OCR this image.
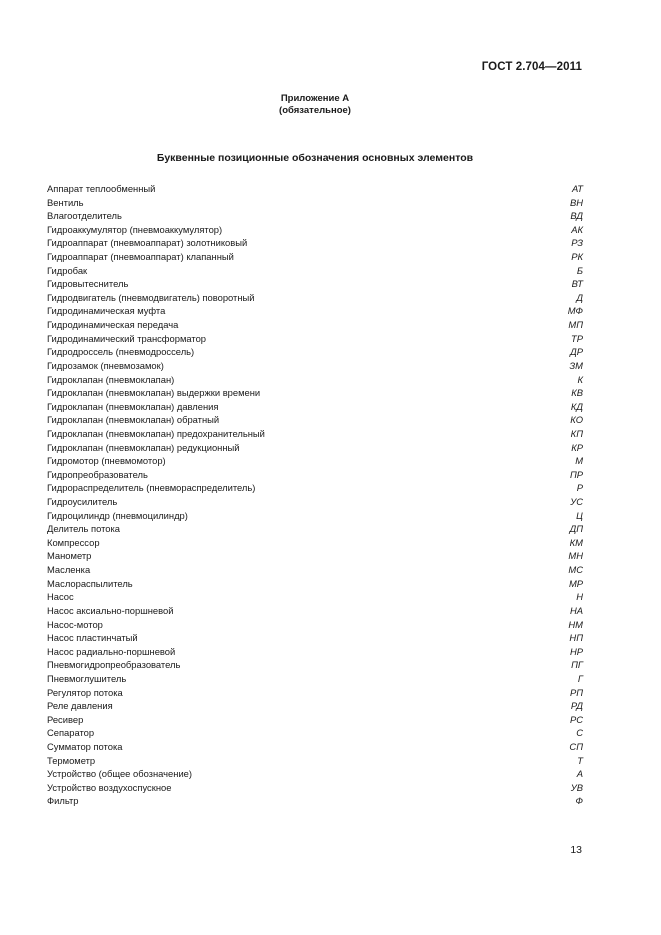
ГОСТ 2.704—2011
Приложение А
(обязательное)
Буквенные позиционные обозначения основных элементов
Аппарат теплообменный	АТ
Вентиль	ВН
Влагоотделитель	ВД
Гидроаккумулятор (пневмоаккумулятор)	АК
Гидроаппарат (пневмоаппарат) золотниковый	РЗ
Гидроаппарат (пневмоаппарат) клапанный	РК
Гидробак	Б
Гидровытеснитель	ВТ
Гидродвигатель (пневмодвигатель) поворотный	Д
Гидродинамическая муфта	МФ
Гидродинамическая передача	МП
Гидродинамический трансформатор	ТР
Гидродроссель (пневмодроссель)	ДР
Гидрозамок (пневмозамок)	ЗМ
Гидроклапан (пневмоклапан)	К
Гидроклапан (пневмоклапан) выдержки времени	КВ
Гидроклапан (пневмоклапан) давления	КД
Гидроклапан (пневмоклапан) обратный	КО
Гидроклапан (пневмоклапан) предохранительный	КП
Гидроклапан (пневмоклапан) редукционный	КР
Гидромотор (пневмомотор)	М
Гидропреобразователь	ПР
Гидрораспределитель (пневмораспределитель)	Р
Гидроусилитель	УС
Гидроцилиндр (пневмоцилиндр)	Ц
Делитель потока	ДП
Компрессор	КМ
Манометр	МН
Масленка	МС
Маслораспылитель	МР
Насос	Н
Насос аксиально-поршневой	НА
Насос-мотор	НМ
Насос пластинчатый	НП
Насос радиально-поршневой	НР
Пневмогидропреобразователь	ПГ
Пневмоглушитель	Г
Регулятор потока	РП
Реле давления	РД
Ресивер	РС
Сепаратор	С
Сумматор потока	СП
Термометр	Т
Устройство (общее обозначение)	А
Устройство воздухоспускное	УВ
Фильтр	Ф
13
